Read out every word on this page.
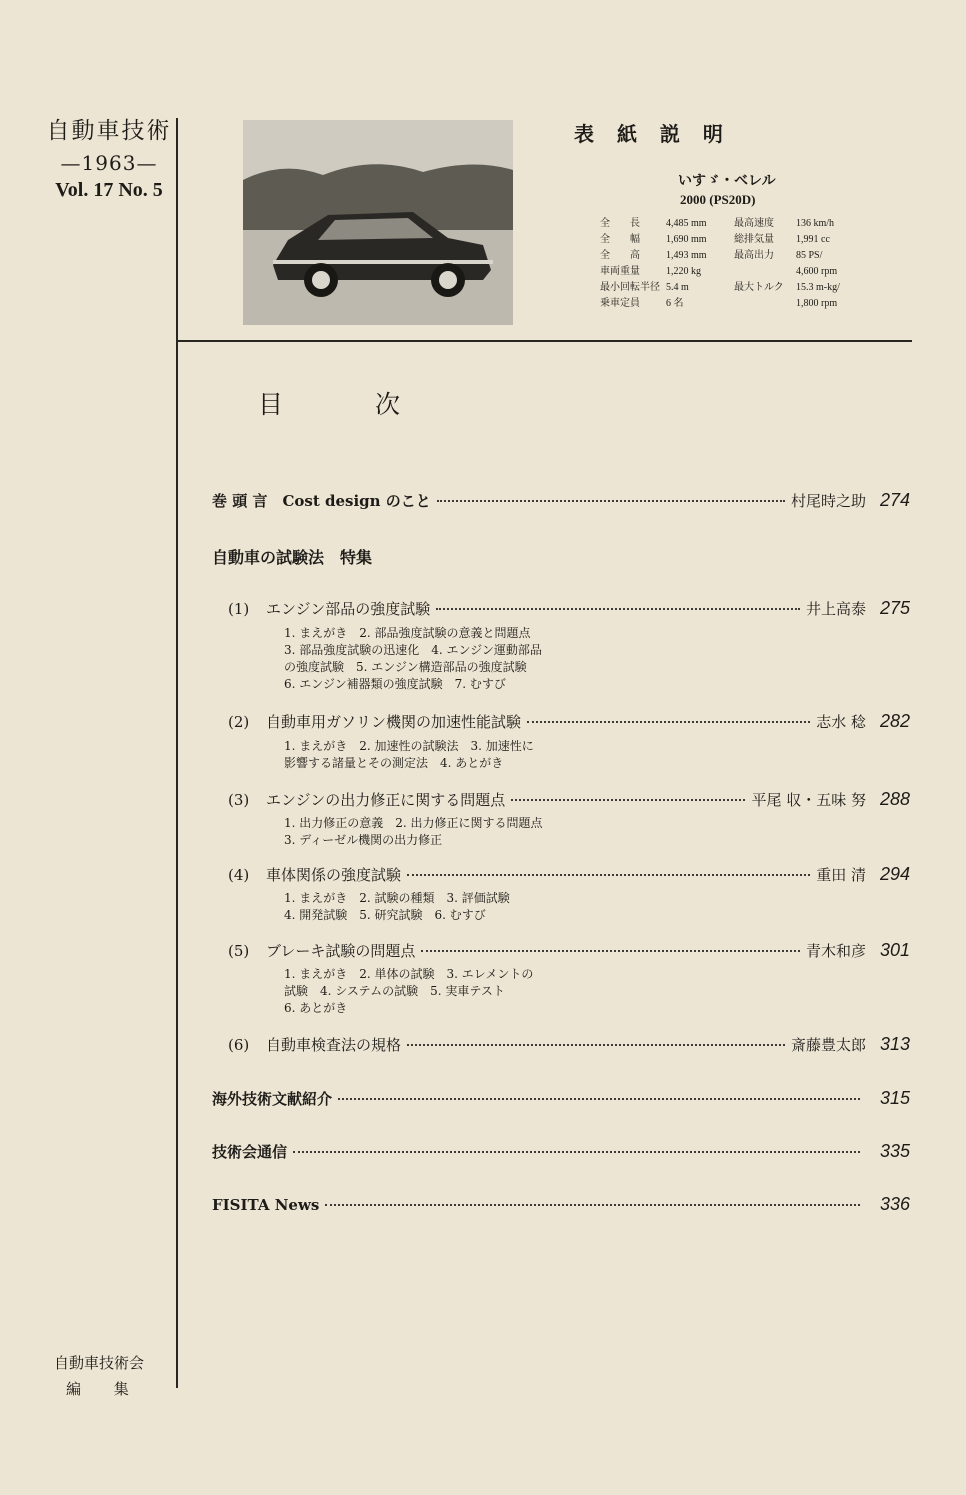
自動車技術
—1963—
Vol. 17 No. 5
表 紙 説 明
いすゞ・ベレル
2000 (PS20D)
全　　長	4,485 mm	最高速度 136 km/h
全　　幅	1,690 mm	総排気量 1,991 cc
全　　高	1,493 mm	最高出力 85 PS/
車両重量	1,220 kg	4,600 rpm
最小回転半径 5.4 m	最大トルク 15.3 m-kg/
乗車定員	6 名	1,800 rpm
目 次
巻 頭 言　Cost design のこと	村尾時之助 274
自動車の試験法　特集
(1)	エンジン部品の強度試験	井上高泰 275
1. まえがき　2. 部品強度試験の意義と問題点
3. 部品強度試験の迅速化　4. エンジン運動部品
の強度試験　5. エンジン構造部品の強度試験
6. エンジン補器類の強度試験　7. むすび
(2)	自動車用ガソリン機関の加速性能試験	志水 稔 282
1. まえがき　2. 加速性の試験法　3. 加速性に
影響する諸量とその測定法　4. あとがき
(3)	エンジンの出力修正に関する問題点	平尾 収・五味 努 288
1. 出力修正の意義　2. 出力修正に関する問題点
3. ディーゼル機関の出力修正
(4)	車体関係の強度試験	重田 清 294
1. まえがき　2. 試験の種類　3. 評価試験
4. 開発試験　5. 研究試験　6. むすび
(5)	ブレーキ試験の問題点	青木和彦 301
1. まえがき　2. 単体の試験　3. エレメントの
試験　4. システムの試験　5. 実車テスト
6. あとがき
(6)	自動車検査法の規格	斎藤豊太郎 313
海外技術文献紹介	315
技術会通信	335
FISITA News	336
自動車技術会
編 集
